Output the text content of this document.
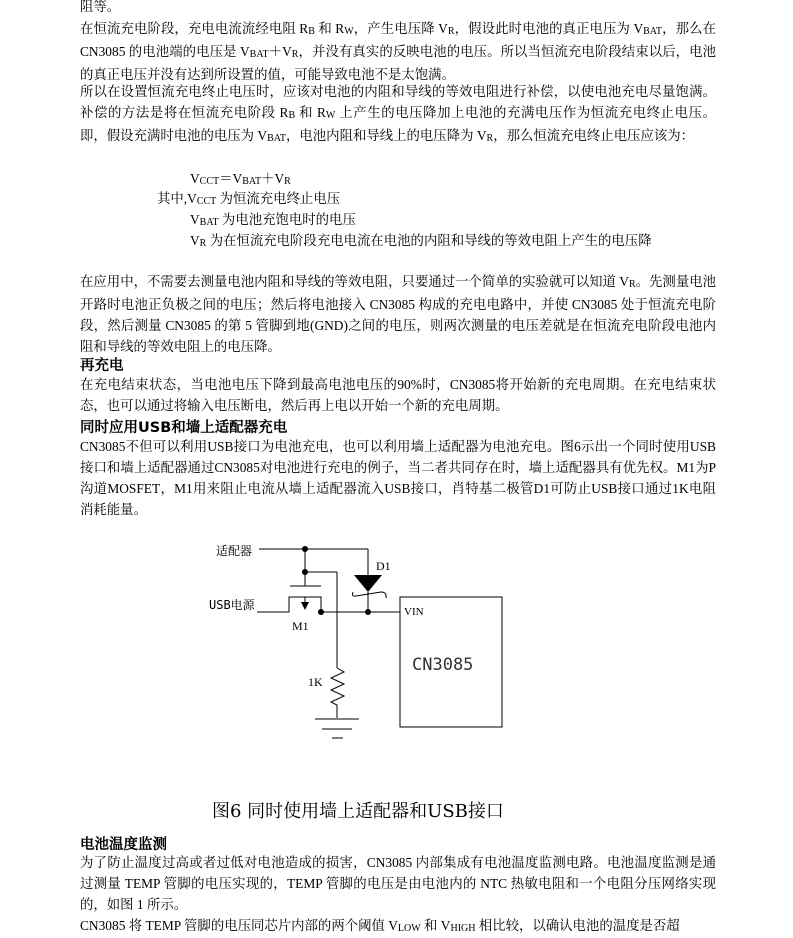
阻等。

在恒流充电阶段，充电电流流经电阻 $R_B$ 和 $R_W$，产生电压降 $V_R$，假设此时电池的真正电压为 $V_{BAT}$，那么在 CN3085 的电池端的电压是 $V_{BAT}+V_R$，并没有真实的反映电池的电压。所以当恒流充电阶段结束以后，电池的真正电压并没有达到所设置的值，可能导致电池不是太饱满。

所以在设置恒流充电终止电压时，应该对电池的内阻和导线的等效电阻进行补偿，以使电池充电尽量饱满。补偿的方法是将在恒流充电阶段 $R_B$ 和 $R_W$ 上产生的电压降加上电池的充满电压作为恒流充电终止电压。即，假设充满时电池的电压为 $V_{BAT}$，电池内阻和导线上的电压降为 $V_R$，那么恒流充电终止电压应该为：

$V_{CCT}=V_{BAT}+V_R$
其中$,V_{CCT}$ 为恒流充电终止电压
$V_{BAT}$ 为电池充饱电时的电压
$V_R$ 为在恒流充电阶段充电电流在电池的内阻和导线的等效电阻上产生的电压降

在应用中，不需要去测量电池内阻和导线的等效电阻，只要通过一个简单的实验就可以知道 $V_R$。先测量电池开路时电池正负极之间的电压；然后将电池接入 CN3085 构成的充电电路中，并使 CN3085 处于恒流充电阶段，然后测量 CN3085 的第 5 管脚到地(GND)之间的电压，则两次测量的电压差就是在恒流充电阶段电池内阻和导线的等效电阻上的电压降。

再充电

在充电结束状态，当电池电压下降到最高电池电压的90%时，CN3085将开始新的充电周期。在充电结束状态，也可以通过将输入电压断电，然后再上电以开始一个新的充电周期。

同时应用USB和墙上适配器充电

CN3085不但可以利用USB接口为电池充电，也可以利用墙上适配器为电池充电。图6示出一个同时使用USB接口和墙上适配器通过CN3085对电池进行充电的例子，当二者共同存在时，墙上适配器具有优先权。M1为P沟道MOSFET，M1用来阻止电流从墙上适配器流入USB接口，肖特基二极管D1可防止USB接口通过1K电阻消耗能量。

适配器
USB电源
M1
D1
1K
VIN
CN3085
图6 同时使用墙上适配器和USB接口
电池温度监测

为了防止温度过高或者过低对电池造成的损害，CN3085 内部集成有电池温度监测电路。电池温度监测是通过测量 TEMP 管脚的电压实现的，TEMP 管脚的电压是由电池内的 NTC 热敏电阻和一个电阻分压网络实现的，如图 1 所示。

CN3085 将 TEMP 管脚的电压同芯片内部的两个阈值 $V_{LOW}$ 和 $V_{HIGH}$ 相比较，以确认电池的温度是否超
